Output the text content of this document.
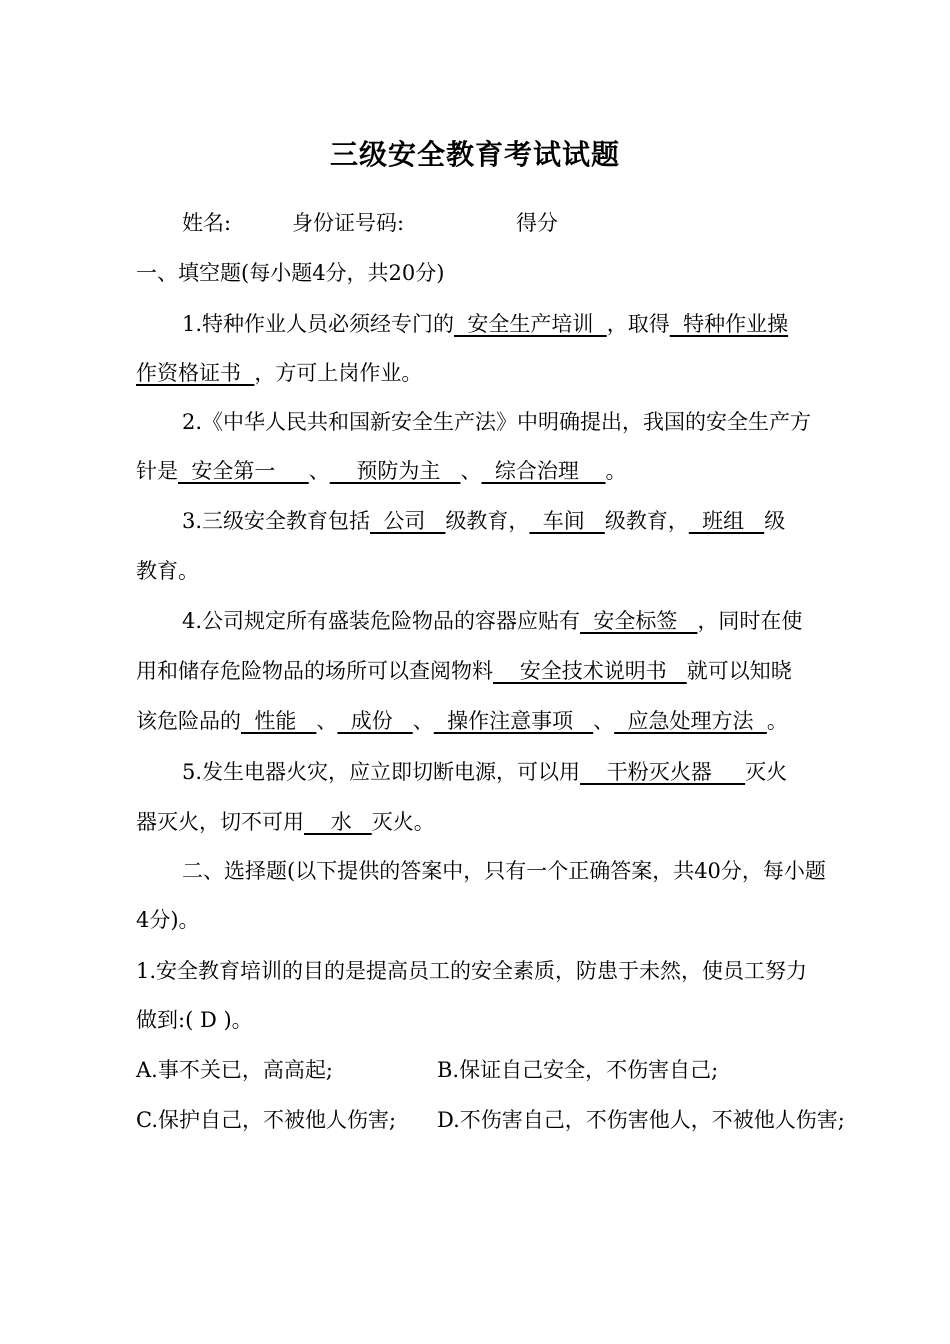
三级安全教育考试试题
姓名:	身份证号码:	得分
一、填空题(每小题4分，共20分)
1.特种作业人员必须经专门的  安全生产培训  ，取得  特种作业操
作资格证书  ，方可上岗作业。
2.《中华人民共和国新安全生产法》中明确提出，我国的安全生产方
针是  安全第一     、    预防为主   、  综合治理    。
3.三级安全教育包括  公司   级教育，  车间   级教育，  班组   级
教育。
4.公司规定所有盛装危险物品的容器应贴有  安全标签   ，同时在使
用和储存危险物品的场所可以查阅物料    安全技术说明书   就可以知晓
该危险品的  性能   、  成份   、  操作注意事项   、  应急处理方法  。
5.发生电器火灾，应立即切断电源，可以用    干粉灭火器     灭火
器灭火，切不可用    水   灭火。
二、选择题(以下提供的答案中，只有一个正确答案，共40分，每小题
4分)。
1.安全教育培训的目的是提高员工的安全素质，防患于未然，使员工努力
做到:( D )。
A.事不关已，高高起;	B.保证自己安全，不伤害自己;
C.保护自己，不被他人伤害; D.不伤害自己，不伤害他人，不被他人伤害;
